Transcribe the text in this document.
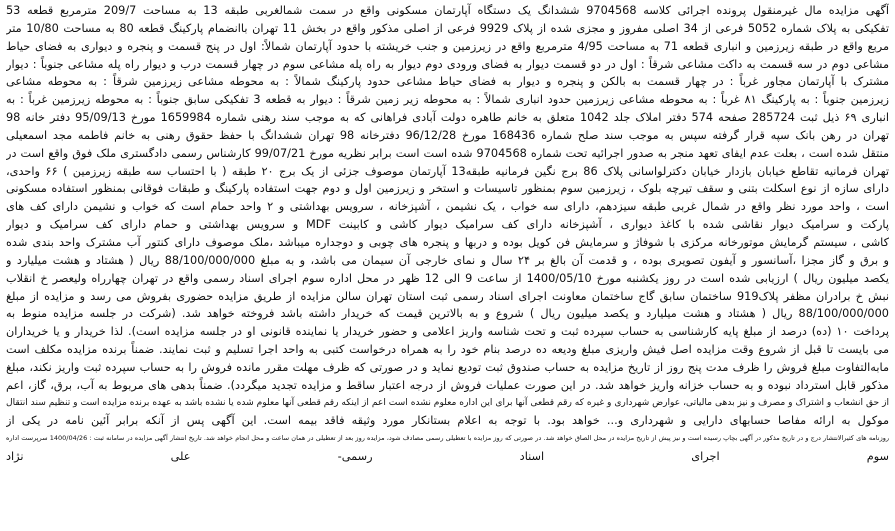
آگهی مزایده مال غیرمنقول پرونده اجرائی کلاسه 9704568 ششدانگ یک دستگاه آپارتمان مسکونی واقع در سمت شمالغربی طبقه 13 به مساحت 209/7 مترمربع قطعه 53
تفکیکی به پلاک شماره 5052 فرعی از 34 اصلی مفروز و مجزی شده از پلاک 9929 فرعی از اصلی مذکور واقع در بخش 11 تهران باانضمام پارکینگ قطعه 80 به مساحت 10/80 متر
مربع واقع در طبقه زیرزمین و انباری قطعه 71 به مساحت 4/95 مترمربع واقع در زیرزمین و جنب خریشته با حدود آپارتمان شمالاً: اول در پنج قسمت و پنجره و دیواری به فضای حیاط
مشاعی دوم در سه قسمت به داکت مشاعی شرقاً : اول در دو قسمت دیوار به فضای ورودی دوم دیوار به راه پله مشاعی سوم در چهار قسمت درب و دیوار راه پله مشاعی جنوباً : دیوار
مشترک با آپارتمان مجاور غرباً : در چهار قسمت به بالکن و پنجره و دیوار به فضای حیاط مشاعی حدود پارکینگ شمالاً : به محوطه مشاعی زیرزمین شرقاً : به محوطه مشاعی
زیرزمین جنوباً : به پارکینگ ۸۱ غرباً : به محوطه مشاعی زیرزمین حدود انباری شمالاً : به محوطه زیر زمین شرقاً : دیوار به قطعه 3 تفکیکی سابق جنوباً : به محوطه زیرزمین غرباً : به
انباری ۶۹ ذیل ثبت 285724 صفحه 574 دفتر املاک جلد 1042 متعلق به خانم طاهره دولت آبادی فراهانی که به موجب سند رهنی شماره 1659984 مورخ 95/09/13 دفتر خانه 98
تهران در رهن بانک سپه قرار گرفته سپس به موجب سند صلح شماره 168436 مورخ 96/12/28 دفترخانه 98 تهران ششدانگ با حفظ حقوق رهنی به خانم فاطمه مجد اسمعیلی
منتقل شده است ، بعلت عدم ایفای تعهد منجر به صدور اجرائیه تحت شماره 9704568 شده است است برابر نظریه مورخ 99/07/21 کارشناس رسمی دادگستری ملک فوق واقع است در
تهران فرمانیه تقاطع خیابان بازدار خیابان دکترلواسانی پلاک 86 برج نگین فرمانیه طبقه13 آپارتمان موصوف جزئی از یک برج ۲۰ طبقه ( با احتساب سه طبقه زیرزمین ) ۶۶ واحدی،
دارای سازه از نوع اسکلت بتنی و سقف تیرچه بلوک ، زیرزمین سوم بمنظور تاسیسات و استخر و زیرزمین اول و دوم جهت استفاده پارکینگ و طبقات فوقانی بمنظور استفاده مسکونی
است ، واحد مورد نظر واقع در شمال غربی طبقه سیزدهم، دارای سه خواب ، یک نشیمن ، آشپزخانه ، سرویس بهداشتی و ۲ واحد حمام است که خواب و نشیمن دارای کف های
پارکت و سرامیک دیوار نقاشی شده با کاغذ دیواری ، آشپزخانه دارای کف سرامیک دیوار کاشی و کابینت MDF و سرویس بهداشتی و حمام دارای کف سرامیک و دیوار
کاشی ، سیستم گرمایش موتورخانه مرکزی با شوفاژ و سرمایش فن کویل بوده و دربها و پنجره های چوبی و دوجداره میباشد ،ملک موصوف دارای کنتور آب مشترک واحد بندی شده
و برق و گاز مجزا ،آسانسور و آیفون تصویری بوده ، و قدمت آن بالغ بر ۲۴ سال و نمای خارجی آن سیمان می باشد، و به مبلغ 88/100/000/000 ریال ( هشتاد و هشت میلیارد و
یکصد میلیون ریال ) ارزیابی شده است در روز یکشنبه مورخ 1400/05/10 از ساعت 9 الی 12 ظهر در محل اداره سوم اجرای اسناد رسمی واقع در تهران چهارراه ولیعصر خ انقلاب
نبش خ برادران مظفر پلاک919 ساختمان سابق گاج ساختمان معاونت اجرای اسناد رسمی ثبت استان تهران سالن مزایده از طریق مزایده حضوری بفروش می رسد و مزایده از مبلغ
88/100/000/000 ریال ( هشتاد و هشت میلیارد و یکصد میلیون ریال ) شروع و به بالاترین قیمت که خریدار داشته باشد فروخته خواهد شد. (شرکت در جلسه مزایده منوط به
پرداخت ۱۰ (ده) درصد از مبلغ پایه کارشناسی به حساب سپرده ثبت و تحت شناسه واریز اعلامی و حضور خریدار یا نماینده قانونی او در جلسه مزایده است). لذا خریدار و یا خریداران
می بایست تا قبل از شروع وقت مزایده اصل فیش واریزی مبلغ ودیعه ده درصد بنام خود را به همراه درخواست کتبی به واحد اجرا تسلیم و ثبت نمایند. ضمناً برنده مزایده مکلف است
مابه‌التفاوت مبلغ فروش را ظرف مدت پنج روز از تاریخ مزایده به حساب صندوق ثبت تودیع نماید و در صورتی که ظرف مهلت مقرر مانده فروش را به حساب سپرده ثبت واریز نکند، مبلغ
مذکور قابل استرداد نبوده و به حساب خزانه واریز خواهد شد. در این صورت عملیات فروش از درجه اعتبار ساقط و مزایده تجدید میگردد). ضمناً بدهی های مربوط به آب، برق، گاز، اعم
از حق انشعاب و اشتراک و مصرف و نیز بدهی مالیاتی، عوارض شهرداری و غیره که رقم قطعی آنها برای این اداره معلوم نشده است اعم از اینکه رقم قطعی آنها معلوم شده یا نشده باشد به عهده برنده مزایده است و تنظیم سند انتقال
موکول به ارائه مفاصا حسابهای دارایی و شهرداری و... خواهد بود. با توجه به اعلام بستانکار مورد وثیقه فاقد بیمه است. این آگهی پس از آنکه برابر آئین نامه در یکی از
روزنامه های کثیرالانتشار درج و در تاریخ مذکور در آگهی بچاپ رسیده است و نیز پیش از تاریخ مزایده در محل الصاق خواهد شد. در صورتی که روز مزایده با تعطیلی رسمی مصادف شود، مزایده روز بعد از تعطیلی در همان ساعت و محل انجام خواهد شد. تاریخ انتشار آگهی مزایده در سامانه ثبت : 1400/04/26 سرپرست اداره
سوم اجرای اسناد رسمی- علی نژاد
